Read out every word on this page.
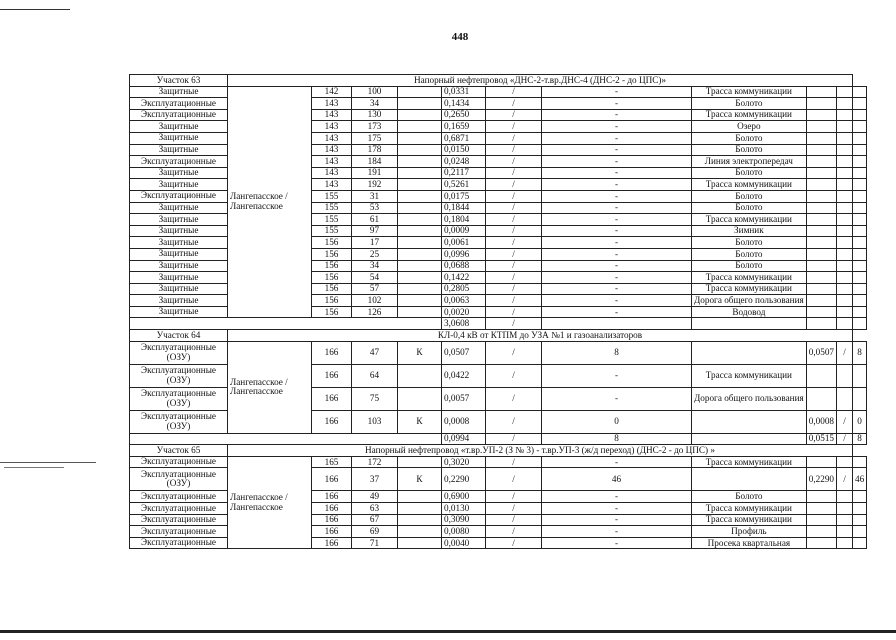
448
Участок 63	Напорный нефтепровод «ДНС-2-т.вр.ДНС-4 (ДНС-2 - до ЦПС)»										
Защитные	Лангепасское / Лангепасское	142	100		0,0331	/	-	Трасса коммуникации			
Эксплуатационные		143	34		0,1434	/	-	Болото			
Эксплуатационные		143	130		0,2650	/	-	Трасса коммуникации			
Защитные		143	173		0,1659	/	-	Озеро			
Защитные		143	175		0,6871	/	-	Болото			
Защитные		143	178		0,0150	/	-	Болото			
Эксплуатационные		143	184		0,0248	/	-	Линия электропередач			
Защитные		143	191		0,2117	/	-	Болото			
Защитные		143	192		0,5261	/	-	Трасса коммуникации			
Эксплуатационные		155	31		0,0175	/	-	Болото			
Защитные		155	53		0,1844	/	-	Болото			
Защитные		155	61		0,1804	/	-	Трасса коммуникации			
Защитные		155	97		0,0009	/	-	Зимник			
Защитные		156	17		0,0061	/	-	Болото			
Защитные		156	25		0,0996	/	-	Болото			
Защитные		156	34		0,0688	/	-	Болото			
Защитные		156	54		0,1422	/	-	Трасса коммуникации			
Защитные		156	57		0,2805	/	-	Трасса коммуникации			
Защитные		156	102		0,0063	/	-	Дорога общего пользования			
Защитные		156	126		0,0020	/	-	Водовод			
					3,0608	/					
Участок 64	КЛ-0,4 кВ от КТПМ до УЗА №1 и газоанализаторов										
Эксплуатационные (ОЗУ)	Лангепасское / Лангепасское	166	47	К	0,0507	/	8		0,0507	/	8
Эксплуатационные (ОЗУ)		166	64		0,0422	/	-	Трасса коммуникации			
Эксплуатационные (ОЗУ)		166	75		0,0057	/	-	Дорога общего пользования			
Эксплуатационные (ОЗУ)		166	103	К	0,0008	/	0		0,0008	/	0
					0,0994	/	8		0,0515	/	8
Участок 65	Напорный нефтепровод «т.вр.УП-2 (З № 3) - т.вр.УП-3 (ж/д переход) (ДНС-2 - до ЦПС) »										
Эксплуатационные	Лангепасское / Лангепасское	165	172		0,3020	/	-	Трасса коммуникации			
Эксплуатационные (ОЗУ)		166	37	К	0,2290	/	46		0,2290	/	46
Эксплуатационные		166	49		0,6900	/	-	Болото			
Эксплуатационные		166	63		0,0130	/	-	Трасса коммуникации			
Эксплуатационные		166	67		0,3090	/	-	Трасса коммуникации			
Эксплуатационные		166	69		0,0080	/	-	Профиль			
Эксплуатационные		166	71		0,0040	/	-	Просека квартальная			
